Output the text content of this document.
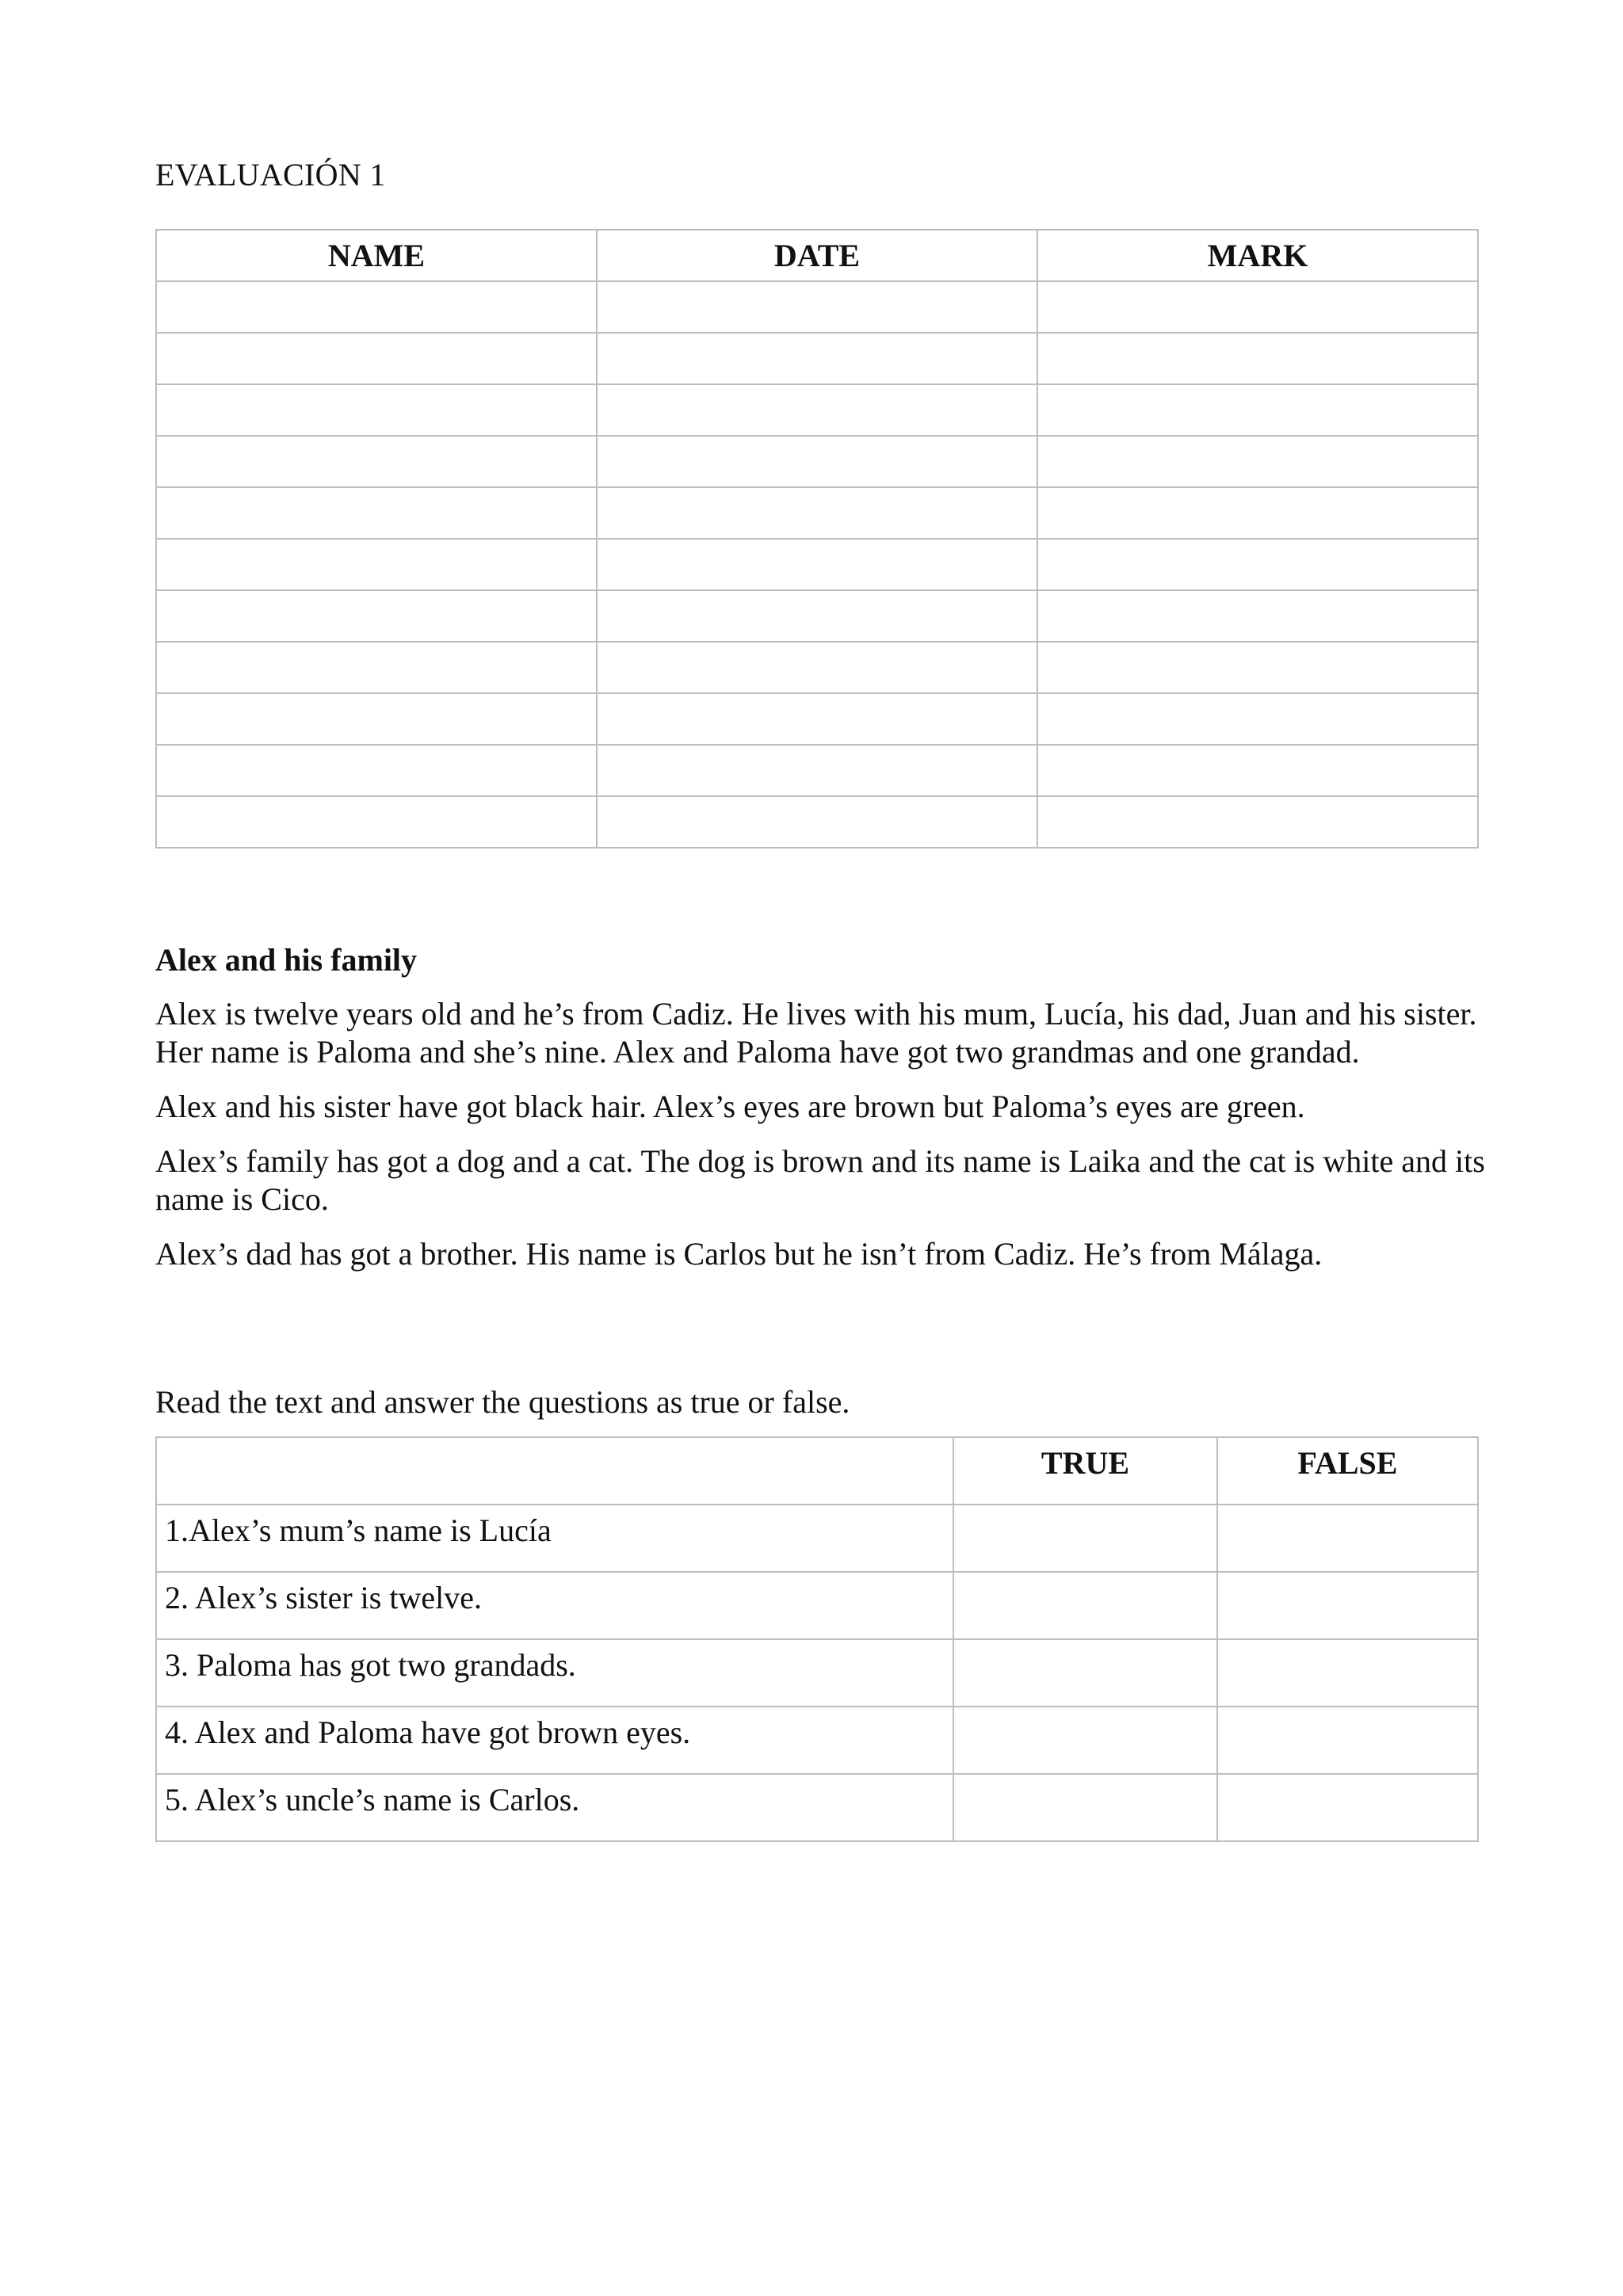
EVALUACIÓN 1
NAME	DATE	MARK

Alex and his family

Alex is twelve years old and he’s from Cadiz. He lives with his mum, Lucía, his dad, Juan and his sister. Her name is Paloma and she’s nine. Alex and Paloma have got two grandmas and one grandad.

Alex and his sister have got black hair. Alex’s eyes are brown but Paloma’s eyes are green.

Alex’s family has got a dog and a cat. The dog is brown and its name is Laika and the cat is white and its name is Cico.

Alex’s dad has got a brother. His name is Carlos but he isn’t from Cadiz. He’s from Málaga.

Read the text and answer the questions as true or false.
	TRUE	FALSE
1.Alex’s mum’s name is Lucía		
2. Alex’s sister is twelve.		
3. Paloma has got two grandads.		
4. Alex and Paloma have got brown eyes.		
5. Alex’s uncle’s name is Carlos.		
